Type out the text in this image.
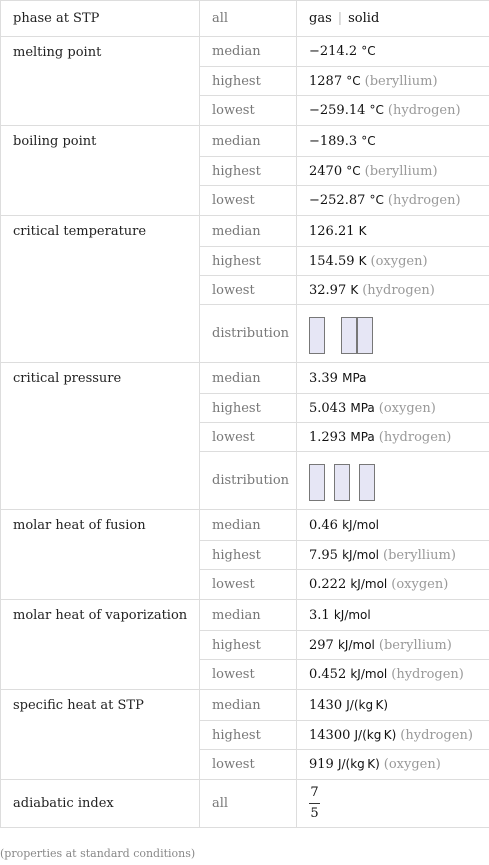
phase at STP	all	gas | solid
melting point	median	−214.2 °C
	highest	1287 °C (beryllium)
	lowest	−259.14 °C (hydrogen)
boiling point	median	−189.3 °C
	highest	2470 °C (beryllium)
	lowest	−252.87 °C (hydrogen)
critical temperature	median	126.21 K
	highest	154.59 K (oxygen)
	lowest	32.97 K (hydrogen)
	distribution	

critical pressure	median	3.39 MPa
	highest	5.043 MPa (oxygen)
	lowest	1.293 MPa (hydrogen)
	distribution	

molar heat of fusion	median	0.46 kJ/mol
	highest	7.95 kJ/mol (beryllium)
	lowest	0.222 kJ/mol (oxygen)
molar heat of vaporization	median	3.1 kJ/mol
	highest	297 kJ/mol (beryllium)
	lowest	0.452 kJ/mol (hydrogen)
specific heat at STP	median	1430 J/(kg K)
	highest	14300 J/(kg K) (hydrogen)
	lowest	919 J/(kg K) (oxygen)
adiabatic index	all	$\frac{7}{5}$
(properties at standard conditions)
